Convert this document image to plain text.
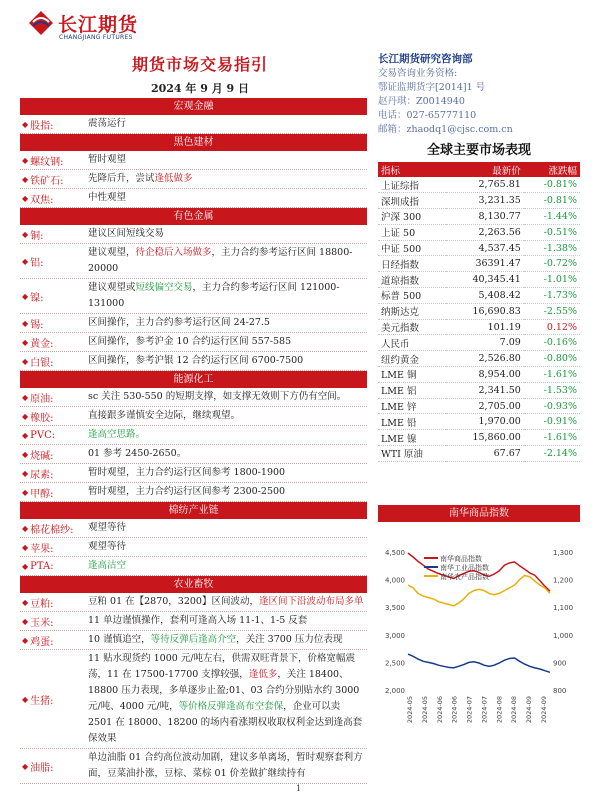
长江期货
CHANGJIANG FUTURES
期货市场交易指引
2024 年 9 月 9 日
宏观金融
◆ 股指:	震荡运行
黑色建材
◆ 螺纹钢:	暂时观望
◆ 铁矿石:	先降后升，尝试逢低做多
◆ 双焦:	中性观望
有色金属
◆ 铜:	建议区间短线交易
◆ 铝:
建议观望，待企稳后入场做多，主力合约参考运行区间 18800-20000
◆ 镍:
建议观望或短线偏空交易，主力合约参考运行区间 121000-131000
◆ 锡:	区间操作，主力合约参考运行区间 24-27.5
◆ 黄金:	区间操作，参考沪金 10 合约运行区间 557-585
◆ 白银:	区间操作，参考沪银 12 合约运行区间 6700-7500
能源化工
◆ 原油:	sc 关注 530-550 的短期支撑，如支撑无效则下方仍有空间。
◆ 橡胶:	直接跟多谨慎安全边际，继续观望。
◆ PVC:	逢高空思路。
◆ 烧碱:	01 参考 2450-2650。
◆ 尿素:	暂时观望，主力合约运行区间参考 1800-1900
◆ 甲醇:	暂时观望，主力合约运行区间参考 2300-2500
棉纺产业链
◆ 棉花棉纱:	观望等待
◆ 苹果:	观望等待
◆ PTA:	逢高沽空
农业畜牧
◆ 豆粕:	豆粕 01 在【2870，3200】区间波动，逢区间下沿波动布局多单
◆ 玉米:	11 单边谨慎操作，套利可逢高入场 11-1、1-5 反套
◆ 鸡蛋:	10 谨慎追空，等待反弹后逢高介空，关注 3700 压力位表现
◆ 生猪:
11 贴水现货约 1000 元/吨左右，供需双旺背景下，价格宽幅震荡，11 在 17500-17700 支撑较强，逢低多，关注 18400、18800 压力表现，多单逐步止盈;01、03 合约分别贴水约 3000 元/吨、4000 元/吨，等价格反弹逢高布空套保，企业可以卖 2501 在 18000、18200 的场内看涨期权收取权利金达到逢高套保效果
◆ 油脂:
单边油脂 01 合约高位波动加剧，建议多单离场，暂时观察套利方面，豆菜油扑涨，豆棕、菜棕 01 价差做扩继续持有
长江期货研究咨询部
交易咨询业务资格:
鄂证监期货字[2014]1 号
赵丹琪：Z0014940
电话：027-65777110
邮箱：zhaodq1@cjsc.com.cn
全球主要市场表现
指标	最新价	涨跌幅
上证综指	2,765.81	-0.81%
深圳成指	3,231.35	-0.81%
沪深 300	8,130.77	-1.44%
上证 50	2,263.56	-0.51%
中证 500	4,537.45	-1.38%
日经指数	36391.47	-0.72%
道琼指数	40,345.41	-1.01%
标普 500	5,408.42	-1.73%
纳斯达克	16,690.83	-2.55%
美元指数	101.19	0.12%
人民币	7.09	-0.16%
纽约黄金	2,526.80	-0.80%
LME 铜	8,954.00	-1.61%
LME 铝	2,341.50	-1.53%
LME 锌	2,705.00	-0.93%
LME 铅	1,970.00	-0.91%
LME 镍	15,860.00	-1.61%
WTI 原油	67.67	-2.14%
南华商品指数
4,500
4,000
3,500
3,000
2,500
2,000
1,300
1,200
1,100
1,000
900
800
2024-05 2024-05 2024-06 2024-06 2024-07 2024-07 2024-08 2024-08 2024-09 2024-09
南华商品指数
南华工业品指数
南华农产品指数
1
